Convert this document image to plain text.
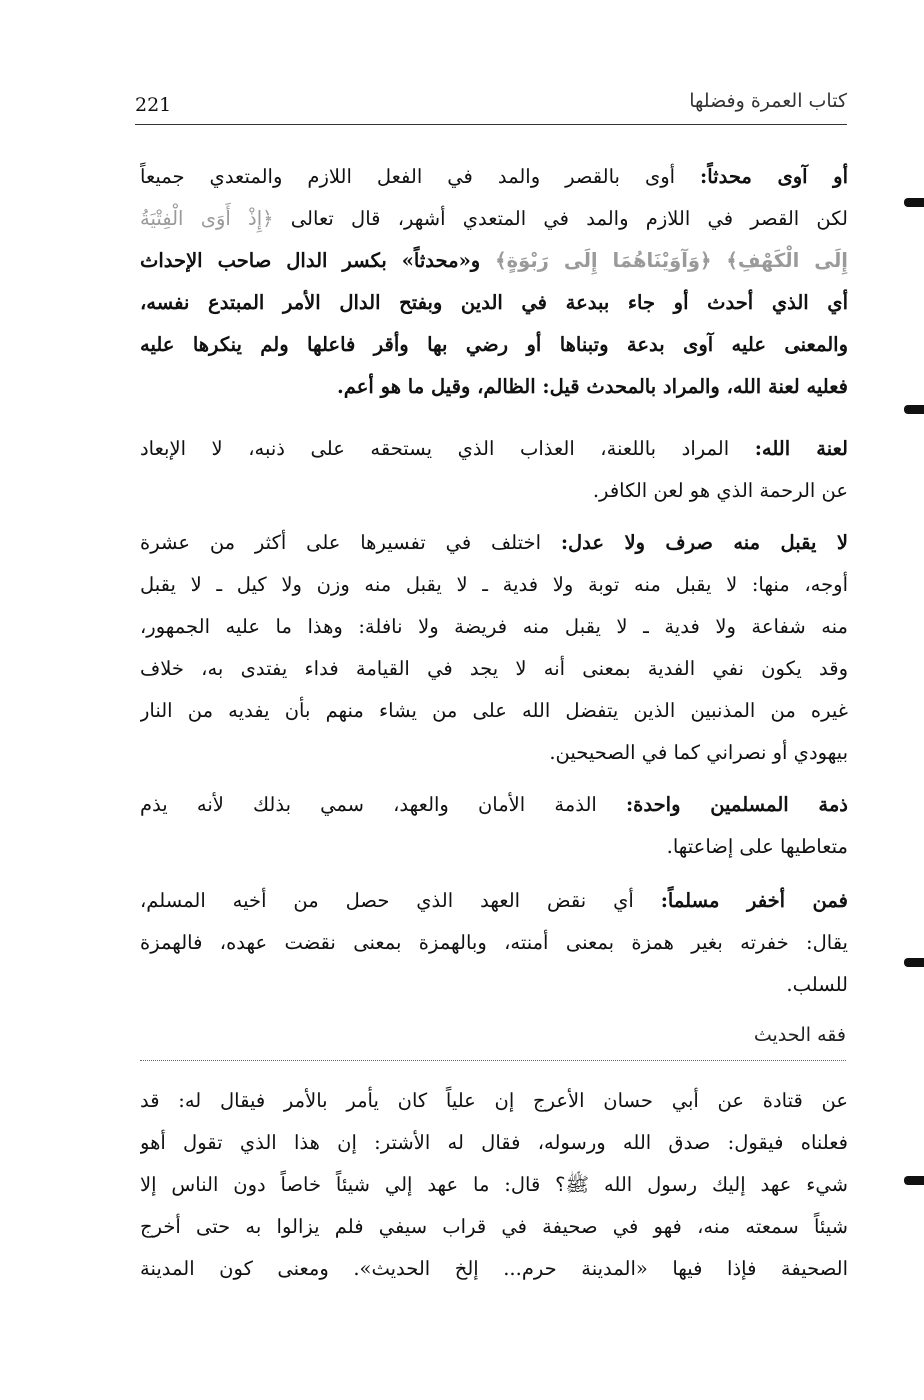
221	كتاب العمرة وفضلها
أو آوى محدثاً: أوى بالقصر والمد في الفعل اللازم والمتعدي جميعاً
لكن القصر في اللازم والمد في المتعدي أشهر، قال تعالى ﴿إِذْ أَوَى الْفِتْيَةُ
إِلَى الْكَهْفِ﴾ ﴿وَآوَيْنَاهُمَا إِلَى رَبْوَةٍ﴾ و«محدثاً» بكسر الدال صاحب الإحداث
أي الذي أحدث أو جاء ببدعة في الدين وبفتح الدال الأمر المبتدع نفسه،
والمعنى عليه آوى بدعة وتبناها أو رضي بها وأقر فاعلها ولم ينكرها عليه
فعليه لعنة الله، والمراد بالمحدث قيل: الظالم، وقيل ما هو أعم.
لعنة الله: المراد باللعنة، العذاب الذي يستحقه على ذنبه، لا الإبعاد
عن الرحمة الذي هو لعن الكافر.
لا يقبل منه صرف ولا عدل: اختلف في تفسيرها على أكثر من عشرة
أوجه، منها: لا يقبل منه توبة ولا فدية ـ لا يقبل منه وزن ولا كيل ـ لا يقبل
منه شفاعة ولا فدية ـ لا يقبل منه فريضة ولا نافلة: وهذا ما عليه الجمهور،
وقد يكون نفي الفدية بمعنى أنه لا يجد في القيامة فداء يفتدى به، خلاف
غيره من المذنبين الذين يتفضل الله على من يشاء منهم بأن يفديه من النار
بيهودي أو نصراني كما في الصحيحين.
ذمة المسلمين واحدة: الذمة الأمان والعهد، سمي بذلك لأنه يذم
متعاطيها على إضاعتها.
فمن أخفر مسلماً: أي نقض العهد الذي حصل من أخيه المسلم،
يقال: خفرته بغير همزة بمعنى أمنته، وبالهمزة بمعنى نقضت عهده، فالهمزة
للسلب.
فقه الحديث
عن قتادة عن أبي حسان الأعرج إن علياً كان يأمر بالأمر فيقال له: قد
فعلناه فيقول: صدق الله ورسوله، فقال له الأشتر: إن هذا الذي تقول أهو
شيء عهد إليك رسول الله ﷺ؟ قال: ما عهد إلي شيئاً خاصاً دون الناس إلا
شيئاً سمعته منه، فهو في صحيفة في قراب سيفي فلم يزالوا به حتى أخرج
الصحيفة فإذا فيها «المدينة حرم... إلخ الحديث». ومعنى كون المدينة
